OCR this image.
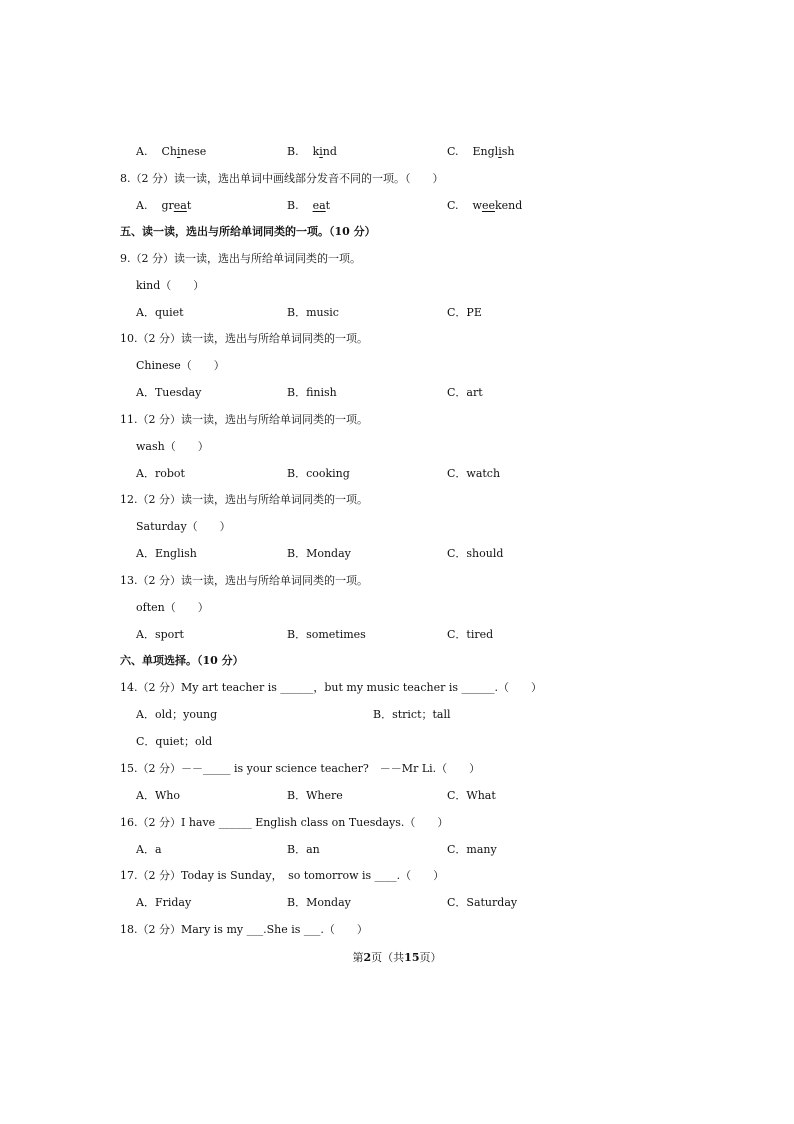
A. Chinese	B. kind	C. English
8.（2 分）读一读，选出单词中画线部分发音不同的一项。（　　）
A. great	B. eat	C. weekend
五、读一读，选出与所给单词同类的一项。（10 分）
9.（2 分）读一读，选出与所给单词同类的一项。
kind（　　）
A．quiet	B．music	C．PE
10.（2 分）读一读，选出与所给单词同类的一项。
Chinese（　　）
A．Tuesday	B．finish	C．art
11.（2 分）读一读，选出与所给单词同类的一项。
wash（　　）
A．robot	B．cooking	C．watch
12.（2 分）读一读，选出与所给单词同类的一项。
Saturday（　　）
A．English	B．Monday	C．should
13.（2 分）读一读，选出与所给单词同类的一项。
often（　　）
A．sport	B．sometimes	C．tired
六、单项选择。（10 分）
14.（2 分）My art teacher is ______，but my music teacher is ______.（　　）
A．old；young	B．strict；tall
C．quiet；old
15.（2 分）－－_____ is your science teacher?　－－Mr Li.（　　）
A．Who	B．Where	C．What
16.（2 分）I have ______ English class on Tuesdays.（　　）
A．a	B．an	C．many
17.（2 分）Today is Sunday，　so tomorrow is ____.（　　）
A．Friday	B．Monday	C．Saturday
18.（2 分）Mary is my ___.She is ___.（　　）
第2页（共15页）
